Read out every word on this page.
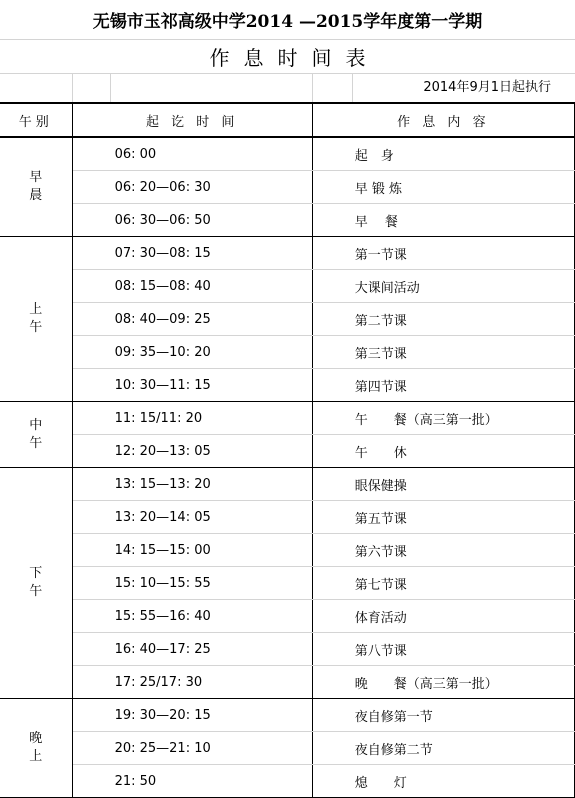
无锡市玉祁高级中学2014 —2015学年度第一学期
作息时间表
2014年9月1日起执行
午别	起 讫 时 间	作 息 内 容
早
晨	06: 00	起　身
	06: 20—06: 30	早 锻 炼
	06: 30—06: 50	早　 餐
上
午	07: 30—08: 15	第一节课
	08: 15—08: 40	大课间活动
	08: 40—09: 25	第二节课
	09: 35—10: 20	第三节课
	10: 30—11: 15	第四节课
中
午	11: 15/11: 20	午　　餐（高三第一批）
	12: 20—13: 05	午　　休
下
午	13: 15—13: 20	眼保健操
	13: 20—14: 05	第五节课
	14: 15—15: 00	第六节课
	15: 10—15: 55	第七节课
	15: 55—16: 40	体育活动
	16: 40—17: 25	第八节课
	17: 25/17: 30	晚　　餐（高三第一批）
晚
上	19: 30—20: 15	夜自修第一节
	20: 25—21: 10	夜自修第二节
	21: 50	熄　　灯
